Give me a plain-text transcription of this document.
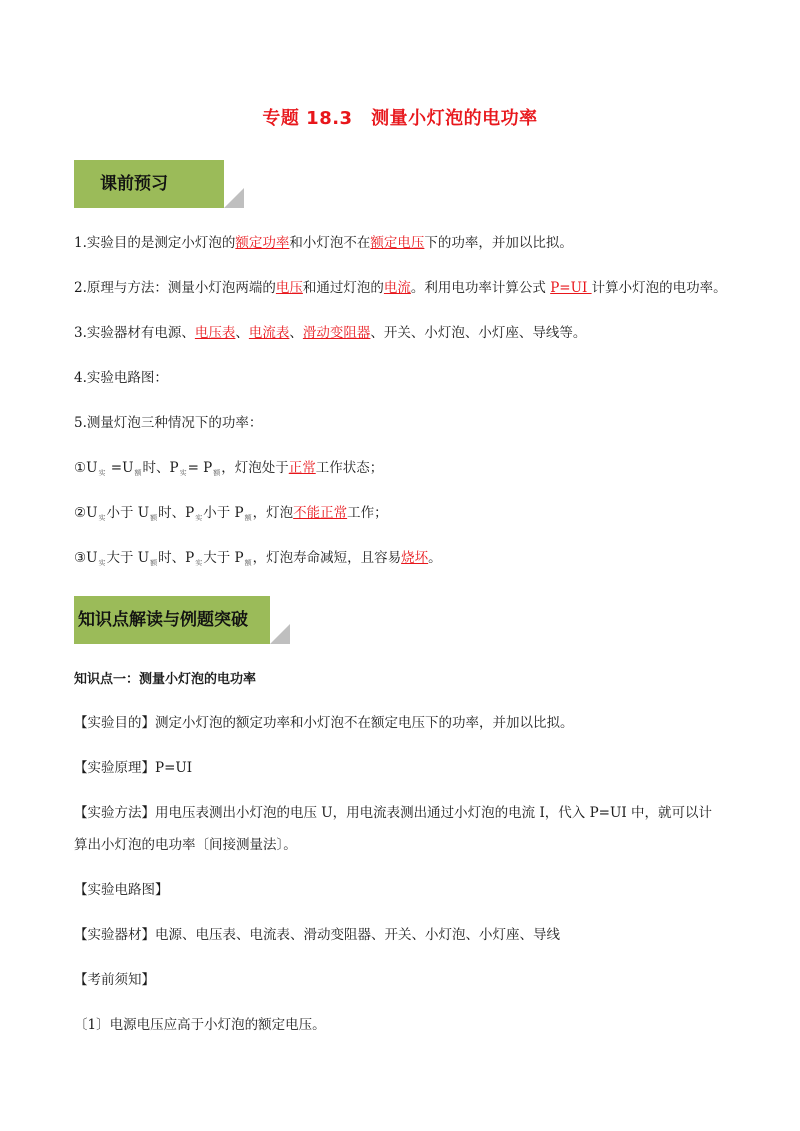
专题 18.3　测量小灯泡的电功率
课前预习
1.实验目的是测定小灯泡的额定功率和小灯泡不在额定电压下的功率，并加以比拟。
2.原理与方法：测量小灯泡两端的电压和通过灯泡的电流。利用电功率计算公式 P=UI 计算小灯泡的电功率。
3.实验器材有电源、电压表、电流表、滑动变阻器、开关、小灯泡、小灯座、导线等。
4.实验电路图：
5.测量灯泡三种情况下的功率：
$①U_实 =U_额$时、$P_实= P_额$，灯泡处于正常工作状态；
$②U_实$小于 $U_额$时、$P_实$小于 $P_额$，灯泡不能正常工作；
$③U_实$大于 $U_额$时、$P_实$大于 $P_额$，灯泡寿命减短，且容易烧坏。
知识点解读与例题突破
知识点一：测量小灯泡的电功率
【实验目的】测定小灯泡的额定功率和小灯泡不在额定电压下的功率，并加以比拟。
【实验原理】P=UI
【实验方法】用电压表测出小灯泡的电压 U，用电流表测出通过小灯泡的电流 I，代入 P=UI 中，就可以计
算出小灯泡的电功率〔间接测量法〕。
【实验电路图】
【实验器材】电源、电压表、电流表、滑动变阻器、开关、小灯泡、小灯座、导线
【考前须知】
〔1〕电源电压应高于小灯泡的额定电压。
